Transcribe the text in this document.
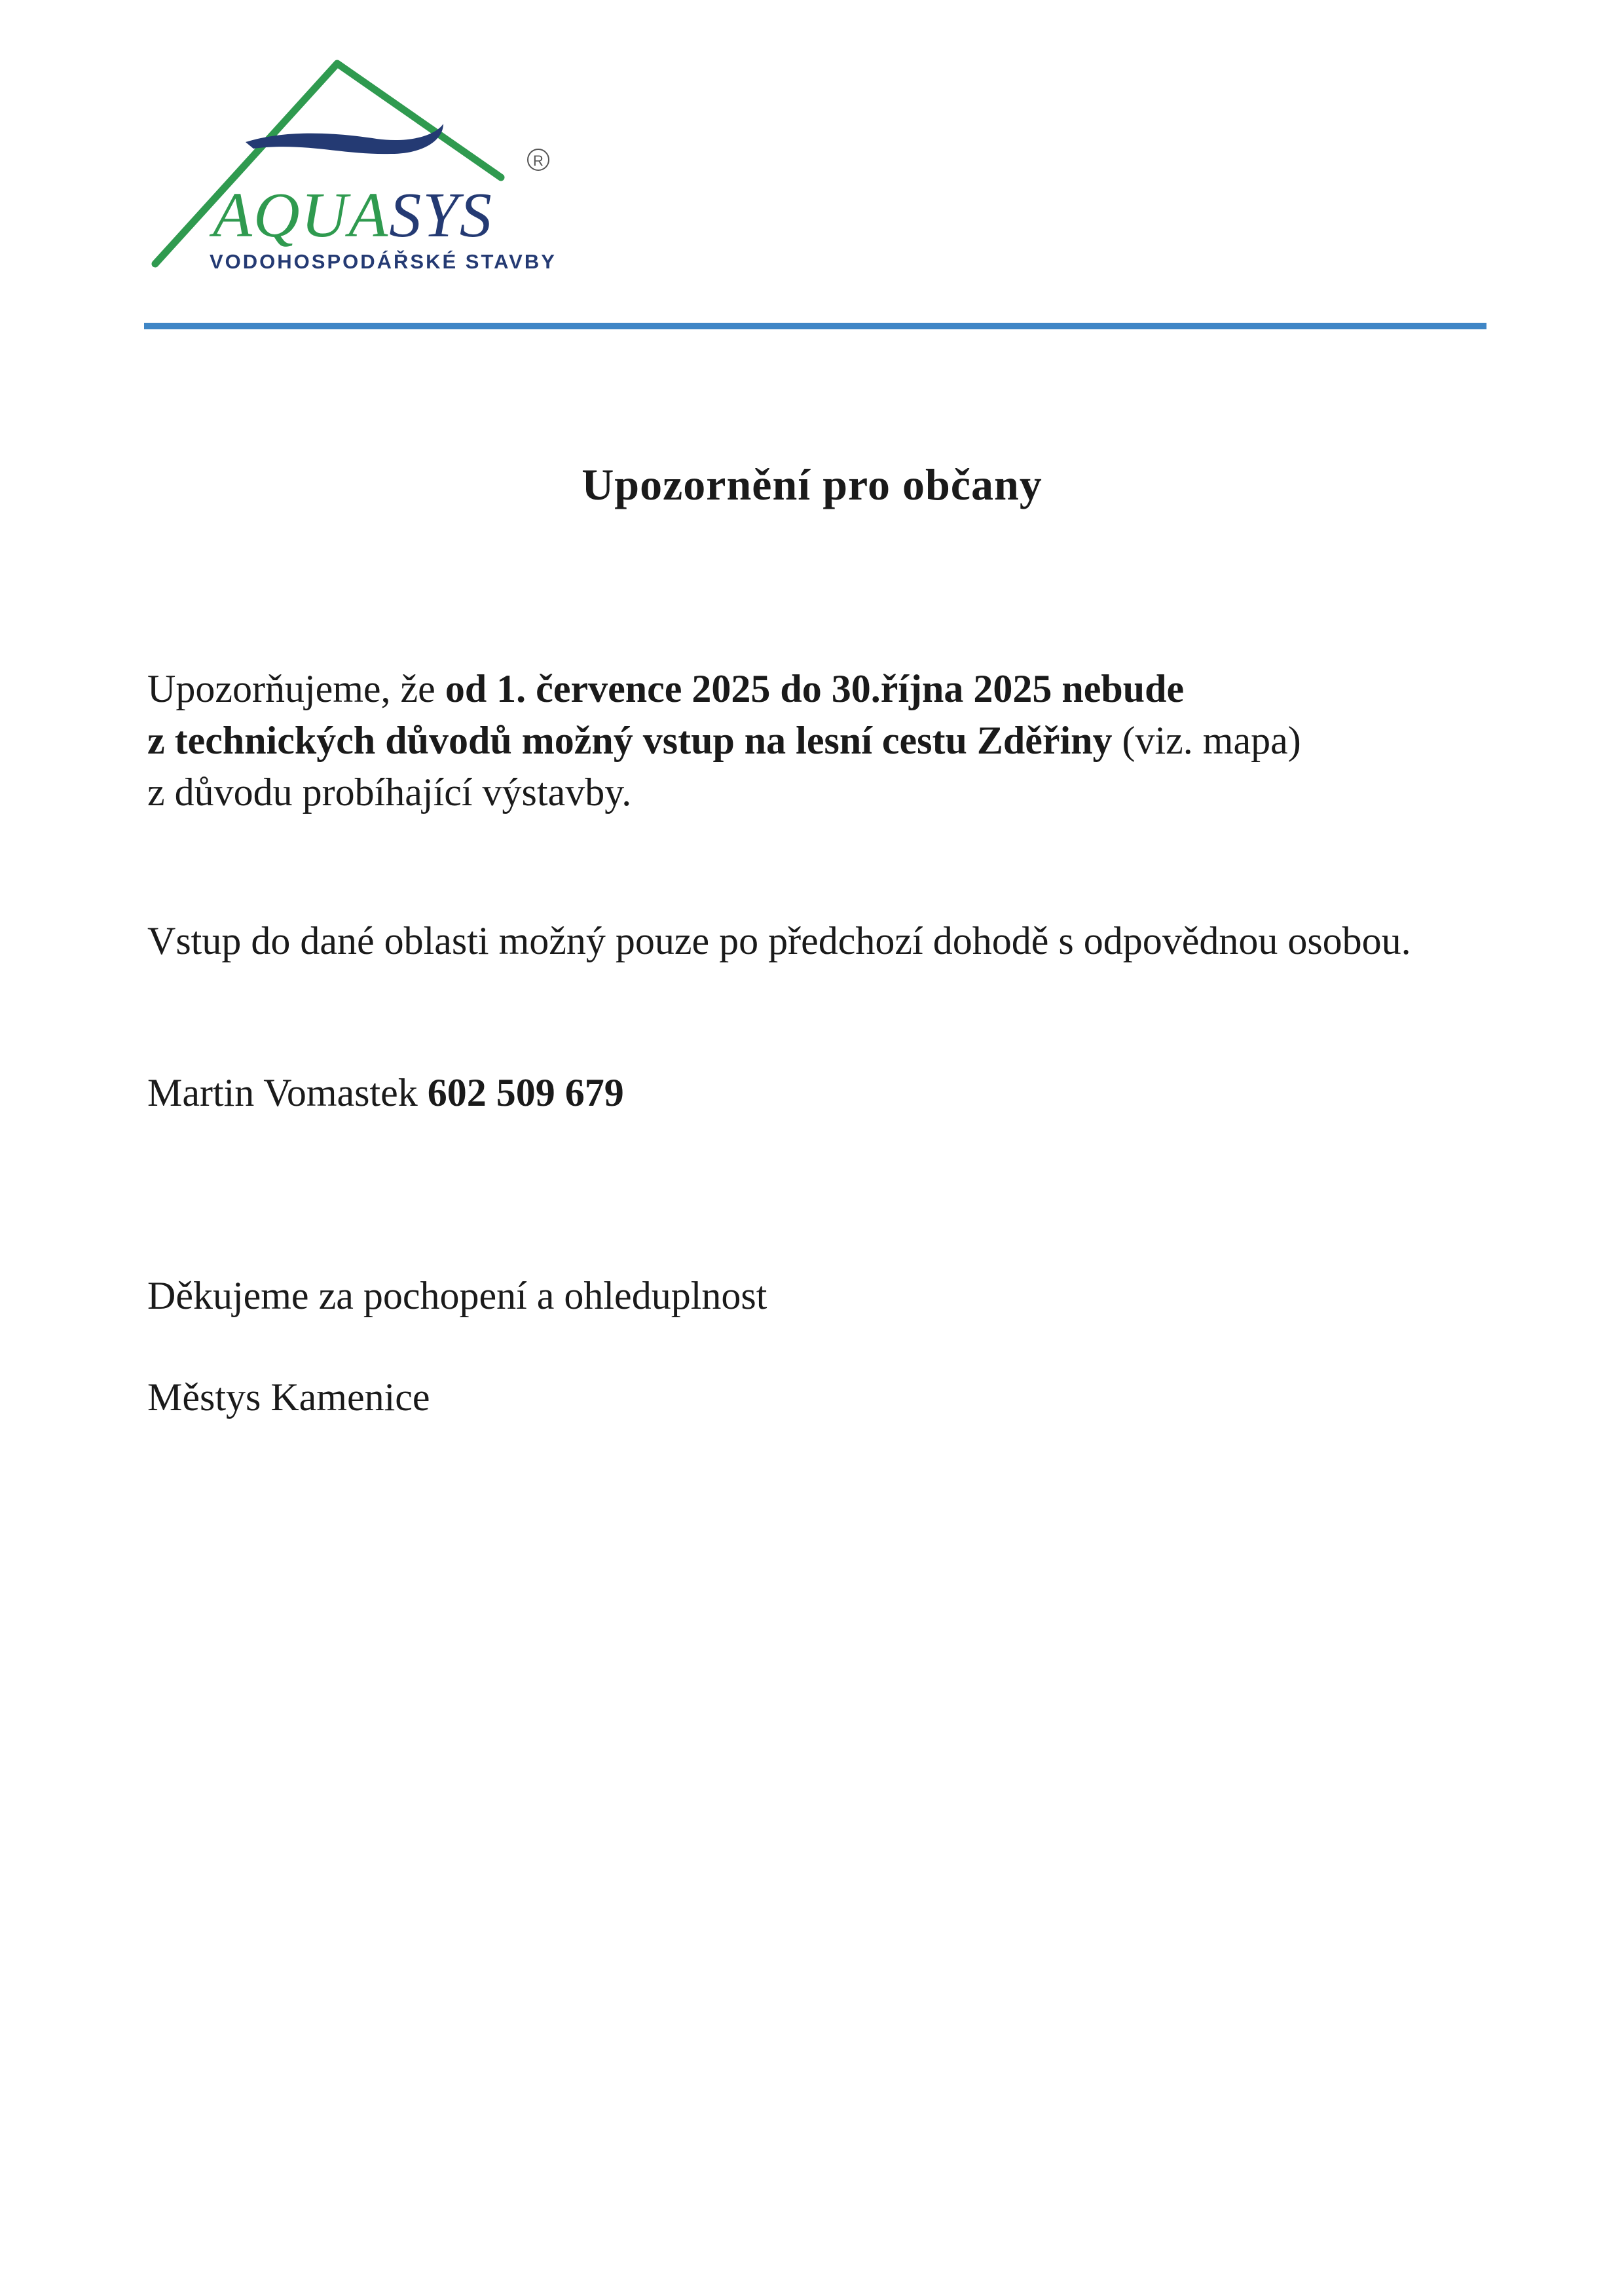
AQUASYS
R
VODOHOSPODÁŘSKÉ STAVBY
Upozornění pro občany
Upozorňujeme, že od 1. července 2025 do 30.října 2025 nebude
z technických důvodů možný vstup na lesní cestu Zděřiny (viz. mapa)
z důvodu probíhající výstavby.
Vstup do dané oblasti možný pouze po předchozí dohodě s odpovědnou osobou.
Martin Vomastek 602 509 679
Děkujeme za pochopení a ohleduplnost
Městys Kamenice
